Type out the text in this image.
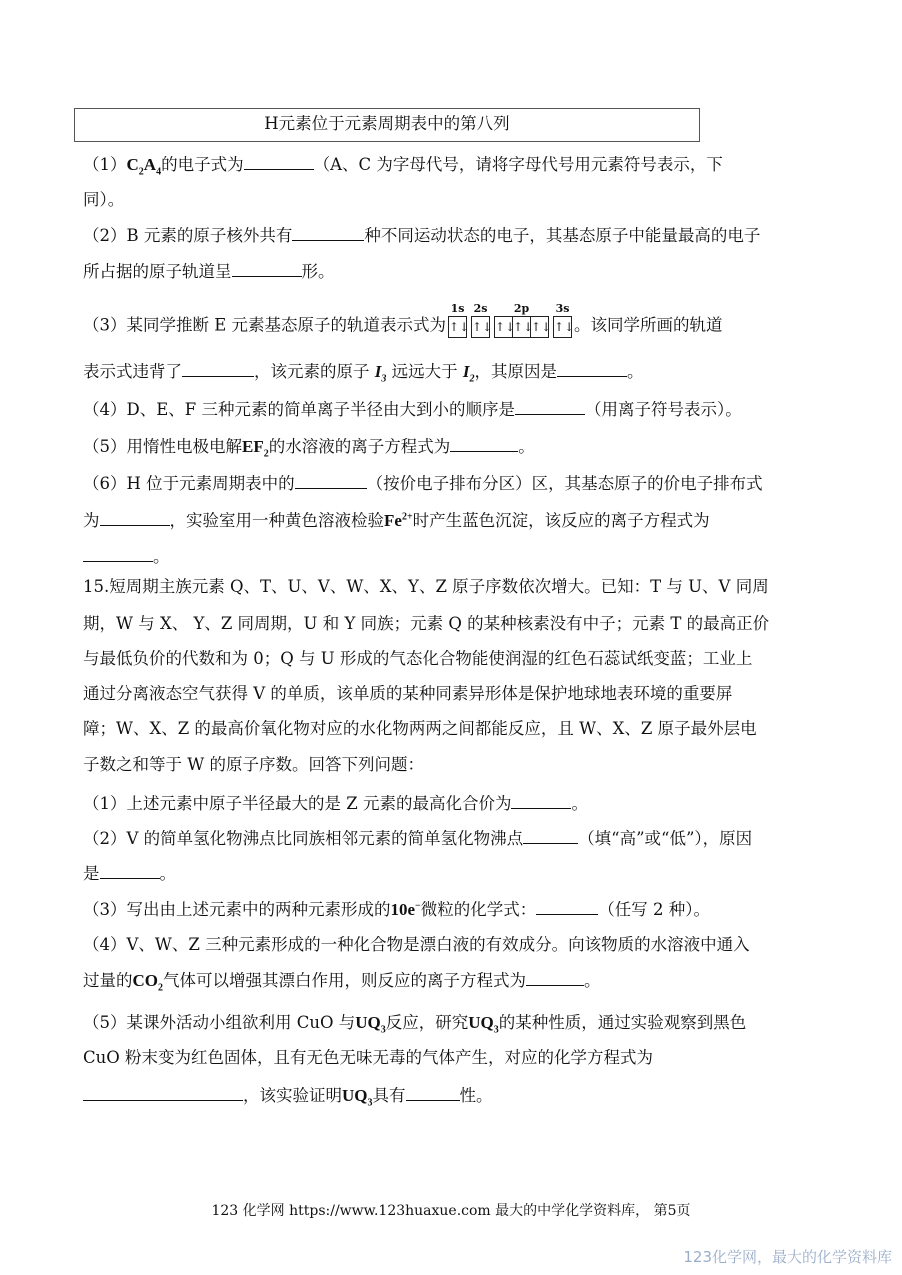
H元素位于元素周期表中的第八列
$(1)C_2A_4$的电子式为	（A、C 为字母代号，请将字母代号用元素符号表示，下
同）。
（2）B 元素的原子核外共有	种不同运动状态的电子，其基态原子中能量最高的电子
所占据的原子轨道呈	形。
（3）某同学推断 E 元素基态原子的轨道表示式为
1s
↑↓
2s
↑↓
2p
↑↓
↑↓
↑↓
3s
↑↓ 。该同学所画的轨道
表示式违背了	，该元素的原子 $I_3$ 远远大于 $I_2$，其原因是	。
（4）D、E、F 三种元素的简单离子半径由大到小的顺序是	（用离子符号表示）。
（5）用惰性电极电解$EF_2$的水溶液的离子方程式为	。
（6）H 位于元素周期表中的	（按价电子排布分区）区，其基态原子的价电子排布式
为	，实验室用一种黄色溶液检验$Fe^{2+}$时产生蓝色沉淀，该反应的离子方程式为
。
15.短周期主族元素 Q、T、U、V、W、X、Y、Z 原子序数依次增大。已知：T 与 U、V 同周
期，W 与 X、 Y、Z 同周期，U 和 Y 同族；元素 Q 的某种核素没有中子；元素 T 的最高正价
与最低负价的代数和为 0；Q 与 U 形成的气态化合物能使润湿的红色石蕊试纸变蓝；工业上
通过分离液态空气获得 V 的单质，该单质的某种同素异形体是保护地球地表环境的重要屏
障；W、X、Z 的最高价氧化物对应的水化物两两之间都能反应，且 W、X、Z 原子最外层电
子数之和等于 W 的原子序数。回答下列问题：
（1）上述元素中原子半径最大的是 Z 元素的最高化合价为	。
（2）V 的简单氢化物沸点比同族相邻元素的简单氢化物沸点	（填“高”或“低”），原因
是	。
（3）写出由上述元素中的两种元素形成的10e−微粒的化学式：	（任写 2 种）。
（4）V、W、Z 三种元素形成的一种化合物是漂白液的有效成分。向该物质的水溶液中通入
过量的$CO_2$气体可以增强其漂白作用，则反应的离子方程式为	。
（5）某课外活动小组欲利用 CuO 与$UQ_3$反应，研究$UQ_3$的某种性质，通过实验观察到黑色
CuO 粉末变为红色固体，且有无色无味无毒的气体产生，对应的化学方程式为
，该实验证明$UQ_3$具有	性。
123 化学网 https://www.123huaxue.com 最大的中学化学资料库， 第5页
123化学网，最大的化学资料库
